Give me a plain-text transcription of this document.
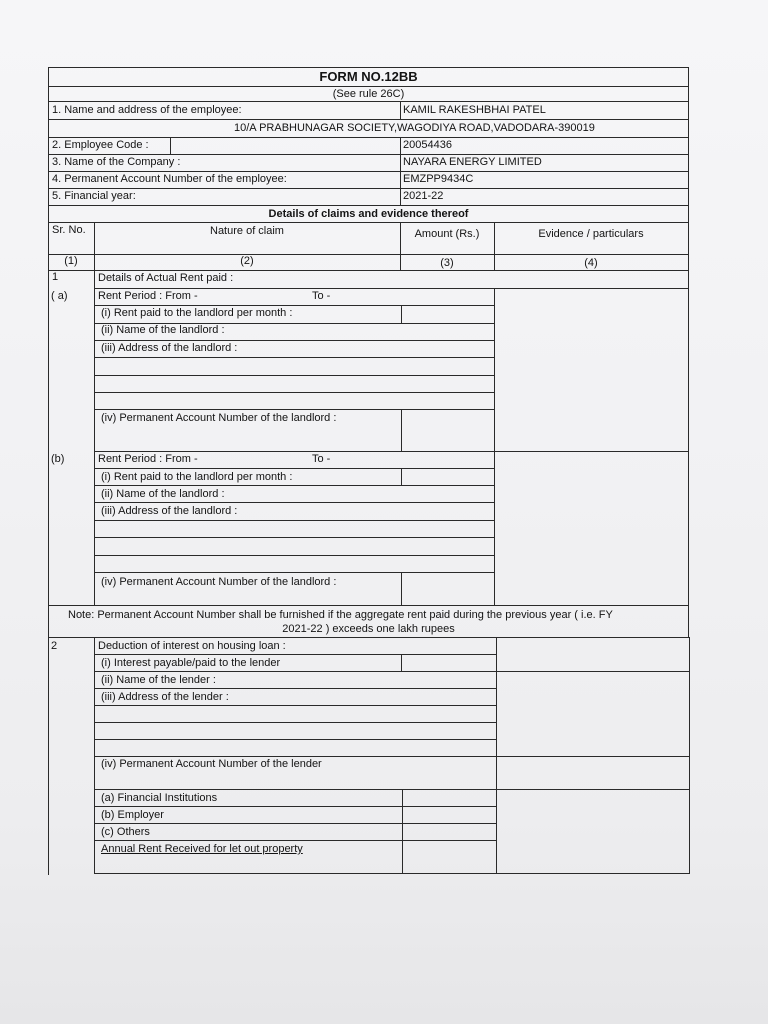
FORM NO.12BB
(See rule 26C)
1. Name and address of the employee:	KAMIL RAKESHBHAI PATEL
10/A PRABHUNAGAR SOCIETY,WAGODIYA ROAD,VADODARA-390019
2. Employee Code :	20054436
3. Name of the Company :	NAYARA ENERGY LIMITED
4. Permanent Account Number of the employee:	EMZPP9434C
5. Financial year:	2021-22
Details of claims and evidence thereof
Sr. No.	Nature of claim	Amount (Rs.)	Evidence / particulars
(1)	(2)	(3)	(4)
1	Details of Actual Rent paid :
( a)	Rent Period : From -	To -
(i) Rent paid to the landlord per month :
(ii) Name of the landlord :
(iii) Address of the landlord :
(iv) Permanent Account Number of the landlord :
(b)	Rent Period : From -	To -
(i) Rent paid to the landlord per month :
(ii) Name of the landlord :
(iii) Address of the landlord :
(iv) Permanent Account Number of the landlord :
Note: Permanent Account Number shall be furnished if the aggregate rent paid during the previous year ( i.e. FY
2021-22 ) exceeds one lakh rupees
2	Deduction of interest on housing loan :
(i) Interest payable/paid to the lender
(ii) Name of the lender :
(iii) Address of the lender :
(iv) Permanent Account Number of the lender
(a) Financial Institutions
(b) Employer
(c) Others
Annual Rent Received for let out property
